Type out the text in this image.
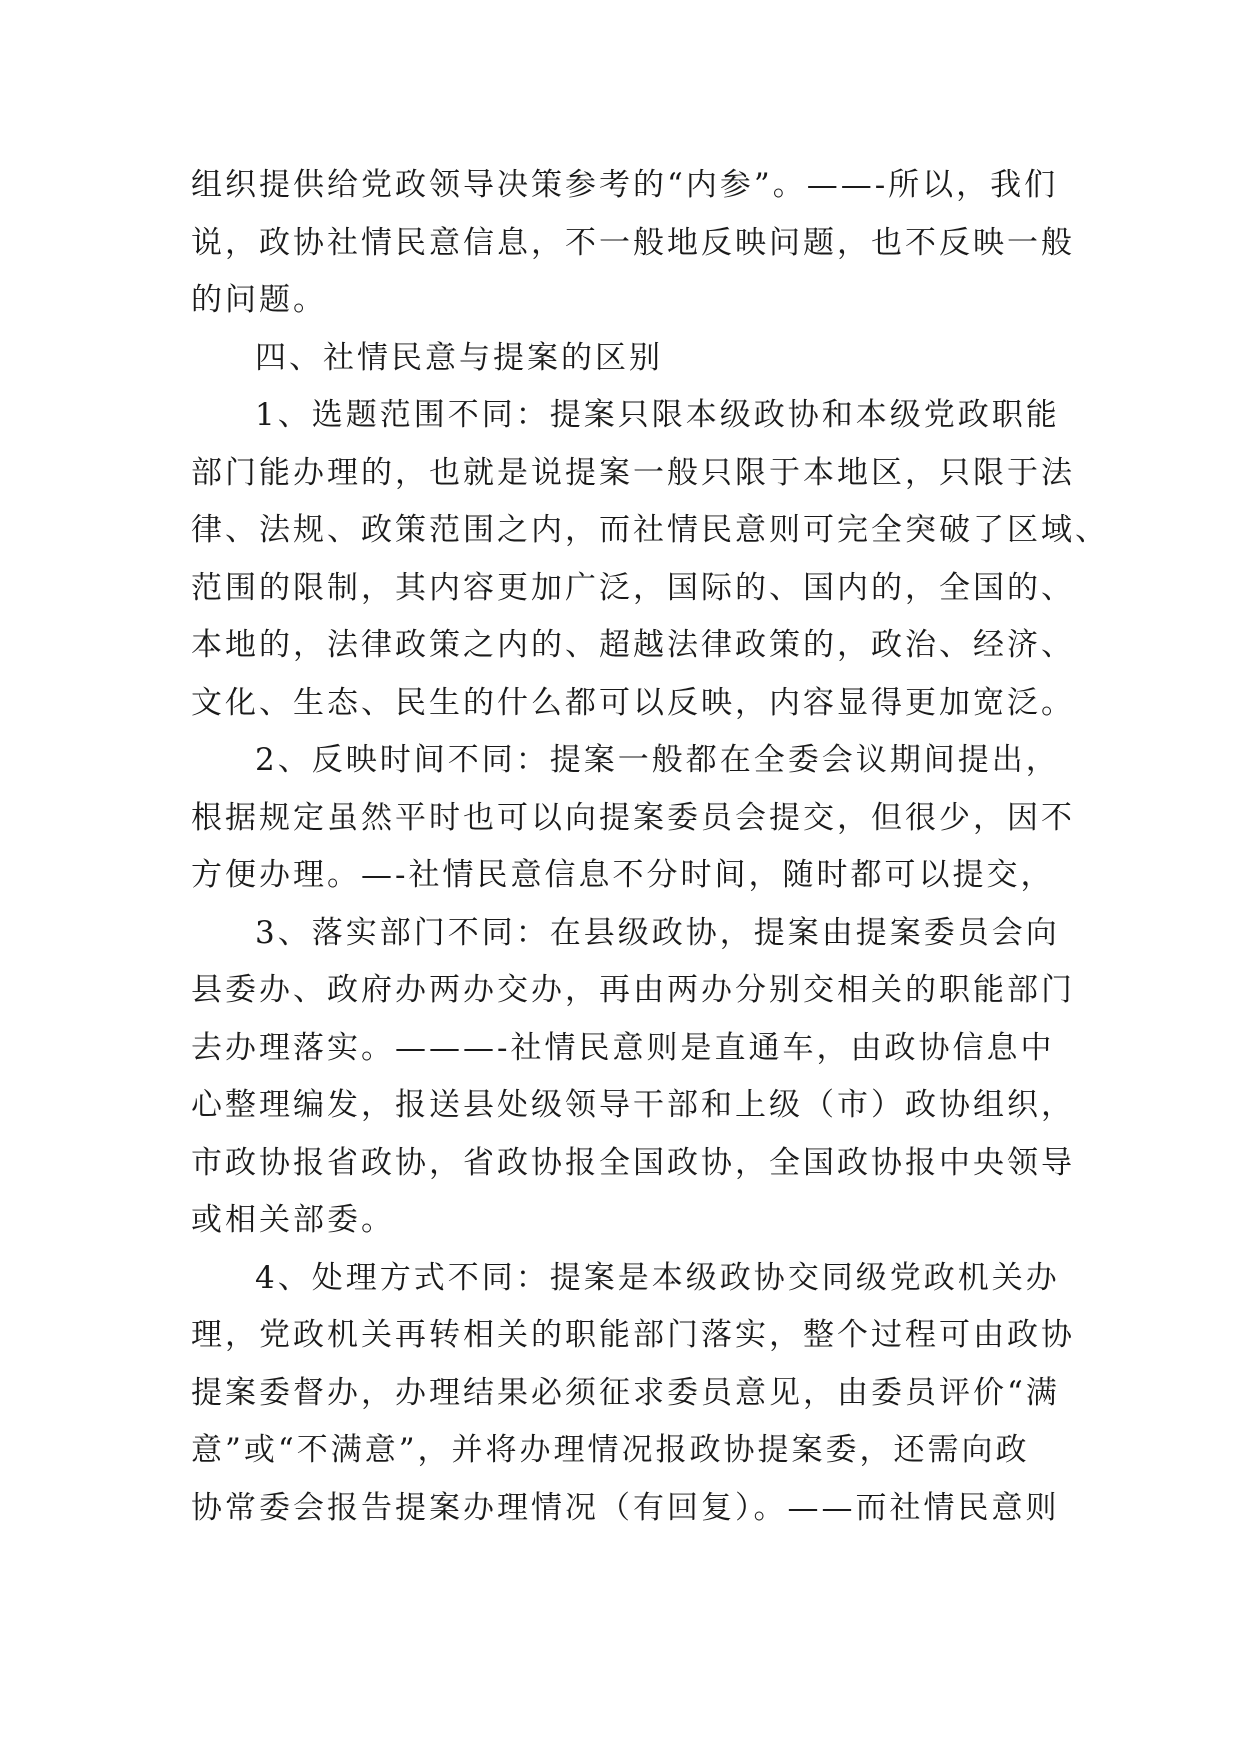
组织提供给党政领导决策参考的“内参”。——-所以，我们
说，政协社情民意信息，不一般地反映问题，也不反映一般
的问题。
四、社情民意与提案的区别
1、选题范围不同：提案只限本级政协和本级党政职能
部门能办理的，也就是说提案一般只限于本地区，只限于法
律、法规、政策范围之内，而社情民意则可完全突破了区域、
范围的限制，其内容更加广泛，国际的、国内的，全国的、
本地的，法律政策之内的、超越法律政策的，政治、经济、
文化、生态、民生的什么都可以反映，内容显得更加宽泛。
2、反映时间不同：提案一般都在全委会议期间提出，
根据规定虽然平时也可以向提案委员会提交，但很少，因不
方便办理。—-社情民意信息不分时间，随时都可以提交，
3、落实部门不同：在县级政协，提案由提案委员会向
县委办、政府办两办交办，再由两办分别交相关的职能部门
去办理落实。———-社情民意则是直通车，由政协信息中
心整理编发，报送县处级领导干部和上级（市）政协组织，
市政协报省政协，省政协报全国政协，全国政协报中央领导
或相关部委。
4、处理方式不同：提案是本级政协交同级党政机关办
理，党政机关再转相关的职能部门落实，整个过程可由政协
提案委督办，办理结果必须征求委员意见，由委员评价“满
意”或“不满意”，并将办理情况报政协提案委，还需向政
协常委会报告提案办理情况（有回复）。——而社情民意则
